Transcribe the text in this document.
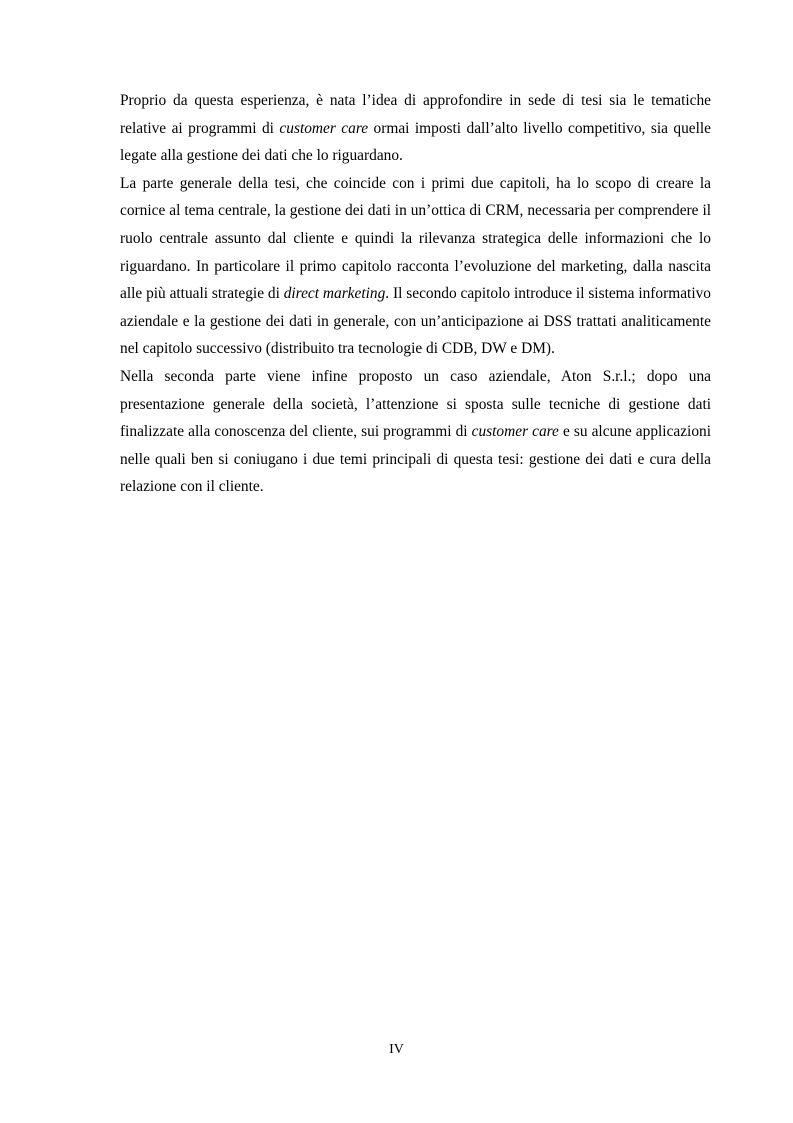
Proprio da questa esperienza, è nata l’idea di approfondire in sede di tesi sia le tematiche relative ai programmi di customer care ormai imposti dall’alto livello competitivo, sia quelle legate alla gestione dei dati che lo riguardano.

La parte generale della tesi, che coincide con i primi due capitoli, ha lo scopo di creare la cornice al tema centrale, la gestione dei dati in un’ottica di CRM, necessaria per comprendere il ruolo centrale assunto dal cliente e quindi la rilevanza strategica delle informazioni che lo riguardano. In particolare il primo capitolo racconta l’evoluzione del marketing, dalla nascita alle più attuali strategie di direct marketing. Il secondo capitolo introduce il sistema informativo aziendale e la gestione dei dati in generale, con un’anticipazione ai DSS trattati analiticamente nel capitolo successivo (distribuito tra tecnologie di CDB, DW e DM).

Nella seconda parte viene infine proposto un caso aziendale, Aton S.r.l.; dopo una presentazione generale della società, l’attenzione si sposta sulle tecniche di gestione dati finalizzate alla conoscenza del cliente, sui programmi di customer care e su alcune applicazioni nelle quali ben si coniugano i due temi principali di questa tesi: gestione dei dati e cura della relazione con il cliente.

IV
